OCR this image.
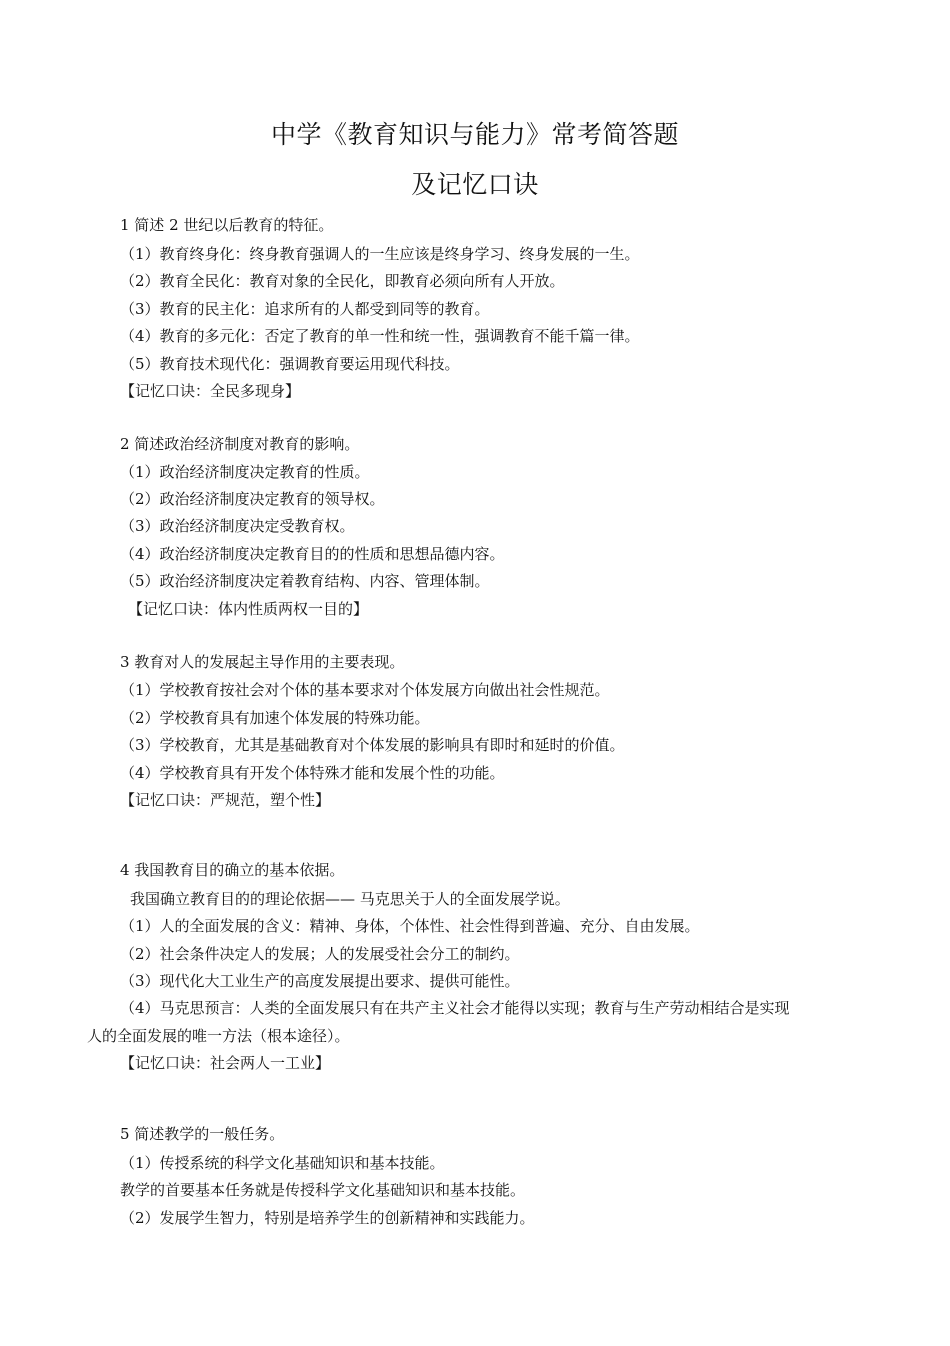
中学《教育知识与能力》常考简答题
及记忆口诀
1 简述 2 世纪以后教育的特征。
（1）教育终身化：终身教育强调人的一生应该是终身学习、终身发展的一生。
（2）教育全民化：教育对象的全民化，即教育必须向所有人开放。
（3）教育的民主化：追求所有的人都受到同等的教育。
（4）教育的多元化：否定了教育的单一性和统一性，强调教育不能千篇一律。
（5）教育技术现代化：强调教育要运用现代科技。
【记忆口诀：全民多现身】
2 简述政治经济制度对教育的影响。
（1）政治经济制度决定教育的性质。
（2）政治经济制度决定教育的领导权。
（3）政治经济制度决定受教育权。
（4）政治经济制度决定教育目的的性质和思想品德内容。
（5）政治经济制度决定着教育结构、内容、管理体制。
【记忆口诀：体内性质两权一目的】
3 教育对人的发展起主导作用的主要表现。
（1）学校教育按社会对个体的基本要求对个体发展方向做出社会性规范。
（2）学校教育具有加速个体发展的特殊功能。
（3）学校教育，尤其是基础教育对个体发展的影响具有即时和延时的价值。
（4）学校教育具有开发个体特殊才能和发展个性的功能。
【记忆口诀：严规范，塑个性】
4 我国教育目的确立的基本依据。
我国确立教育目的的理论依据—— 马克思关于人的全面发展学说。
（1）人的全面发展的含义：精神、身体，个体性、社会性得到普遍、充分、自由发展。
（2）社会条件决定人的发展；人的发展受社会分工的制约。
（3）现代化大工业生产的高度发展提出要求、提供可能性。
（4）马克思预言：人类的全面发展只有在共产主义社会才能得以实现；教育与生产劳动相结合是实现
人的全面发展的唯一方法（根本途径）。
【记忆口诀：社会两人一工业】
5 简述教学的一般任务。
（1）传授系统的科学文化基础知识和基本技能。
教学的首要基本任务就是传授科学文化基础知识和基本技能。
（2）发展学生智力，特别是培养学生的创新精神和实践能力。
